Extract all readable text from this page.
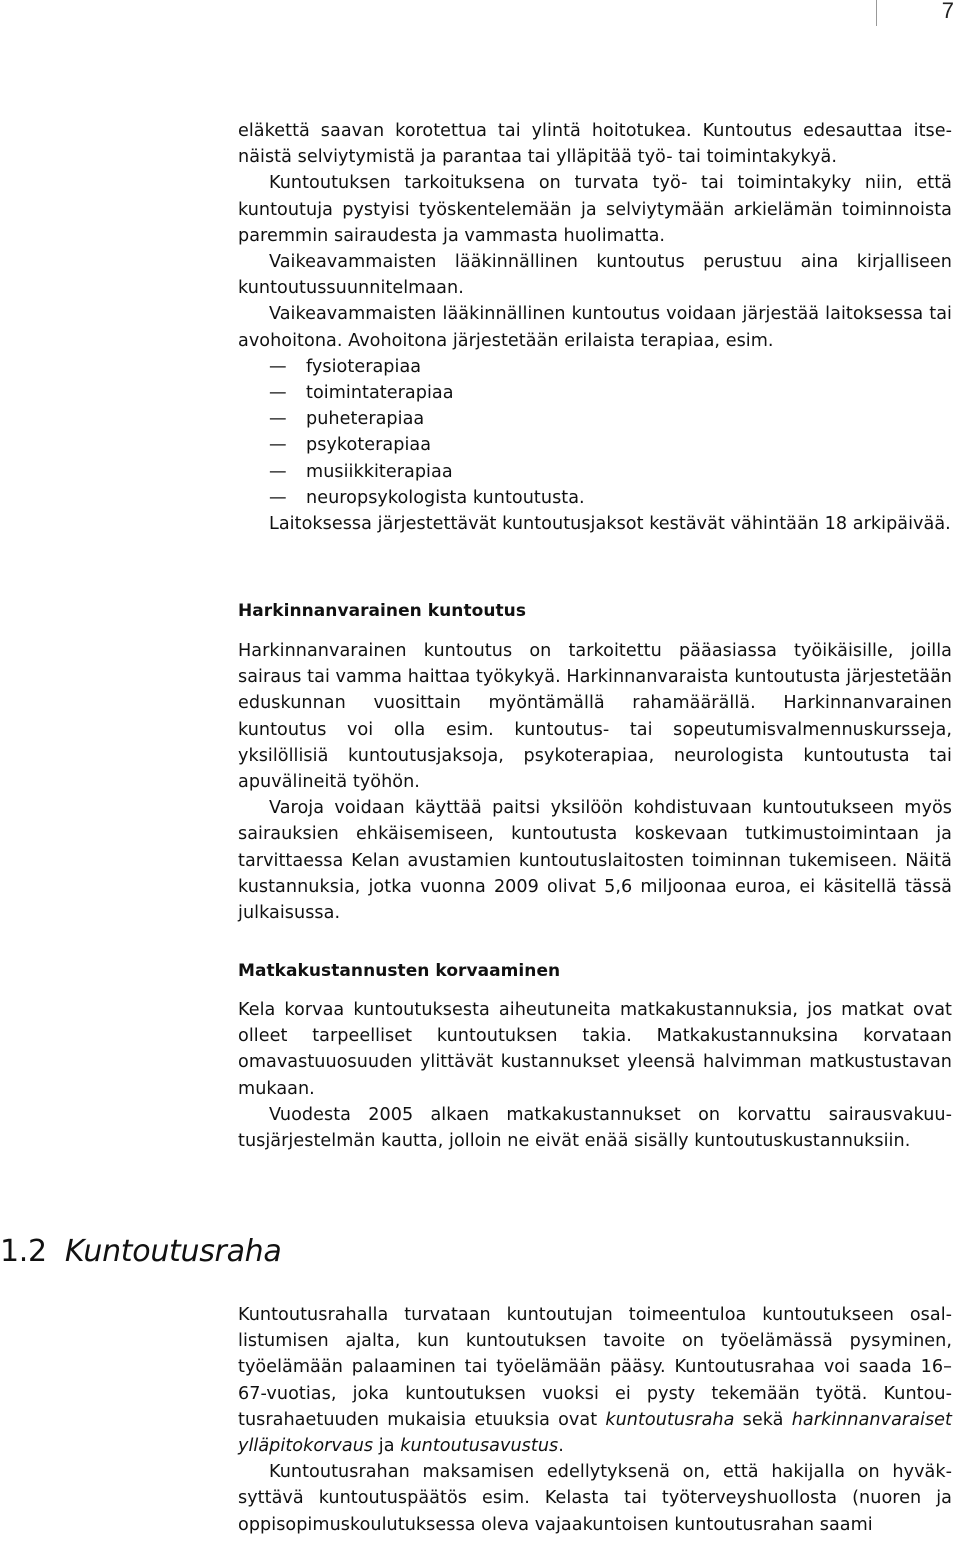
7

eläkettä saavan korotettua tai ylintä hoitotukea. Kuntoutus edesauttaa itsenäistä selviytymistä ja parantaa tai ylläpitää työ- tai toimintakykyä.

Kuntoutuksen tarkoituksena on turvata työ- tai toimintakyky niin, että kuntoutuja pystyisi työskentelemään ja selviytymään arkielämän toiminnoista paremmin sairaudesta ja vammasta huolimatta.

Vaikeavammaisten lääkinnällinen kuntoutus perustuu aina kirjalliseen kuntoutussuunnitelmaan.

Vaikeavammaisten lääkinnällinen kuntoutus voidaan järjestää laitoksessa tai avohoitona. Avohoitona järjestetään erilaista terapiaa, esim.

— fysioterapiaa
— toimintaterapiaa
— puheterapiaa
— psykoterapiaa
— musiikkiterapiaa
— neuropsykologista kuntoutusta.

Laitoksessa järjestettävät kuntoutusjaksot kestävät vähintään 18 arkipäivää.

Harkinnanvarainen kuntoutus

Harkinnanvarainen kuntoutus on tarkoitettu pääasiassa työikäisille, joilla sairaus tai vamma haittaa työkykyä. Harkinnanvaraista kuntoutusta järjestetään eduskunnan vuosittain myöntämällä rahamäärällä. Harkinnanvarainen kuntoutus voi olla esim. kuntoutus- tai sopeutumisvalmennuskursseja, yksilöllisiä kuntoutusjaksoja, psykoterapiaa, neurologista kuntoutusta tai apuvälineitä työhön.

Varoja voidaan käyttää paitsi yksilöön kohdistuvaan kuntoutukseen myös sairauksien ehkäisemiseen, kuntoutusta koskevaan tutkimustoimintaan ja tarvittaessa Kelan avustamien kuntoutuslaitosten toiminnan tukemiseen. Näitä kustannuksia, jotka vuonna 2009 olivat 5,6 miljoonaa euroa, ei käsitellä tässä julkaisussa.

Matkakustannusten korvaaminen

Kela korvaa kuntoutuksesta aiheutuneita matkakustannuksia, jos matkat ovat olleet tarpeelliset kuntoutuksen takia. Matkakustannuksina korvataan omavastuuosuuden ylittävät kustannukset yleensä halvimman matkustustavan mukaan.

Vuodesta 2005 alkaen matkakustannukset on korvattu sairausvakuutusjärjestelmän kautta, jolloin ne eivät enää sisälly kuntoutuskustannuksiin.

1.2 Kuntoutusraha

Kuntoutusrahalla turvataan kuntoutujan toimeentuloa kuntoutukseen osallistumisen ajalta, kun kuntoutuksen tavoite on työelämässä pysyminen, työelämään palaaminen tai työelämään pääsy. Kuntoutusrahaa voi saada 16–67-vuotias, joka kuntoutuksen vuoksi ei pysty tekemään työtä. Kuntoutusrahaetuuden mukaisia etuuksia ovat kuntoutusraha sekä harkinnanvaraiset ylläpitokorvaus ja kuntoutusavustus.

Kuntoutusrahan maksamisen edellytyksenä on, että hakijalla on hyväksyttävä kuntoutuspäätös esim. Kelasta tai työterveyshuollosta (nuoren ja oppisopimuskoulutuksessa oleva vajaakuntoisen kuntoutusrahan saami
